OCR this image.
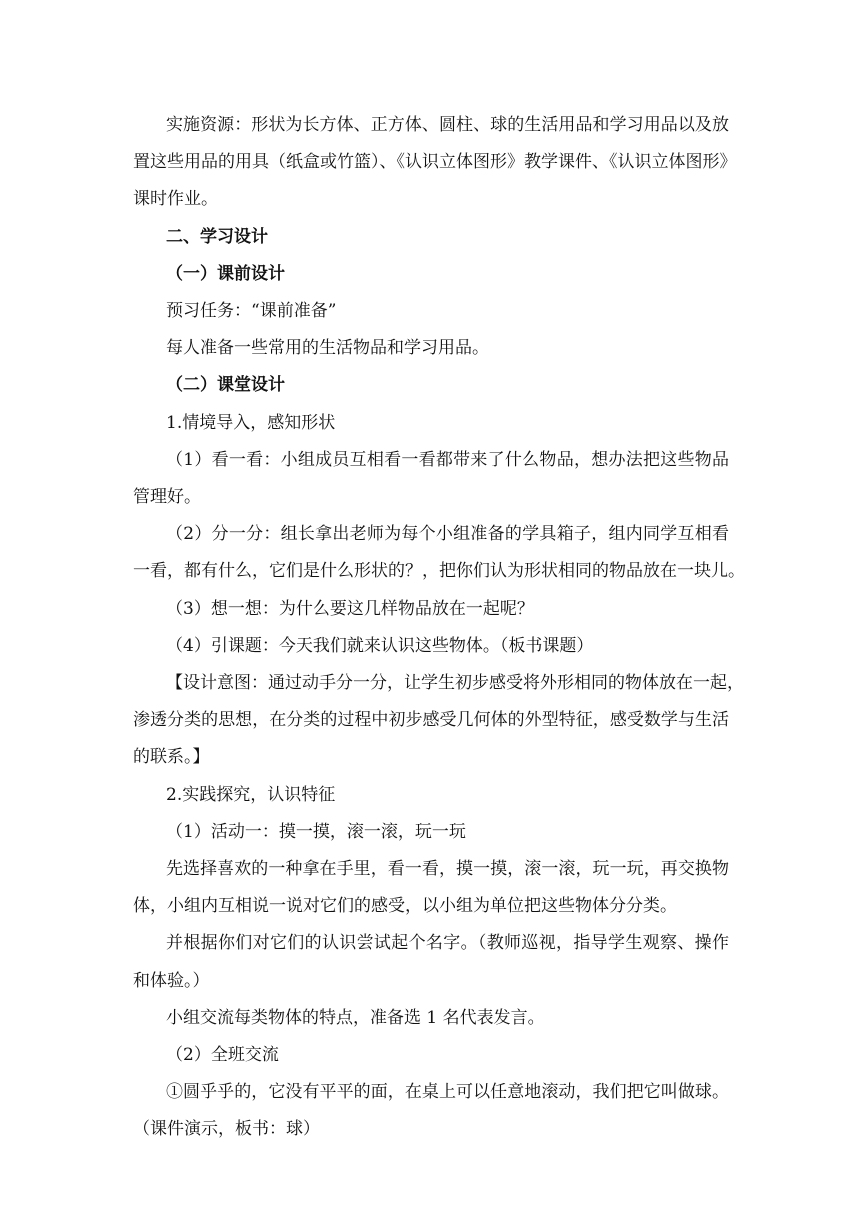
实施资源：形状为长方体、正方体、圆柱、球的生活用品和学习用品以及放
置这些用品的用具（纸盒或竹篮）、《认识立体图形》教学课件、《认识立体图形》
课时作业。
二、学习设计
（一）课前设计
预习任务：“课前准备”
每人准备一些常用的生活物品和学习用品。
（二）课堂设计
1.情境导入，感知形状
（1）看一看：小组成员互相看一看都带来了什么物品，想办法把这些物品
管理好。
（2）分一分：组长拿出老师为每个小组准备的学具箱子，组内同学互相看
一看，都有什么，它们是什么形状的？，把你们认为形状相同的物品放在一块儿。
（3）想一想：为什么要这几样物品放在一起呢？
（4）引课题：今天我们就来认识这些物体。（板书课题）
【设计意图：通过动手分一分，让学生初步感受将外形相同的物体放在一起，
渗透分类的思想，在分类的过程中初步感受几何体的外型特征，感受数学与生活
的联系。】
2.实践探究，认识特征
（1）活动一：摸一摸，滚一滚，玩一玩
先选择喜欢的一种拿在手里，看一看，摸一摸，滚一滚，玩一玩，再交换物
体，小组内互相说一说对它们的感受，以小组为单位把这些物体分分类。
并根据你们对它们的认识尝试起个名字。（教师巡视，指导学生观察、操作
和体验。）
小组交流每类物体的特点，准备选 1 名代表发言。
（2）全班交流
①圆乎乎的，它没有平平的面，在桌上可以任意地滚动，我们把它叫做球。
（课件演示，板书：球）
